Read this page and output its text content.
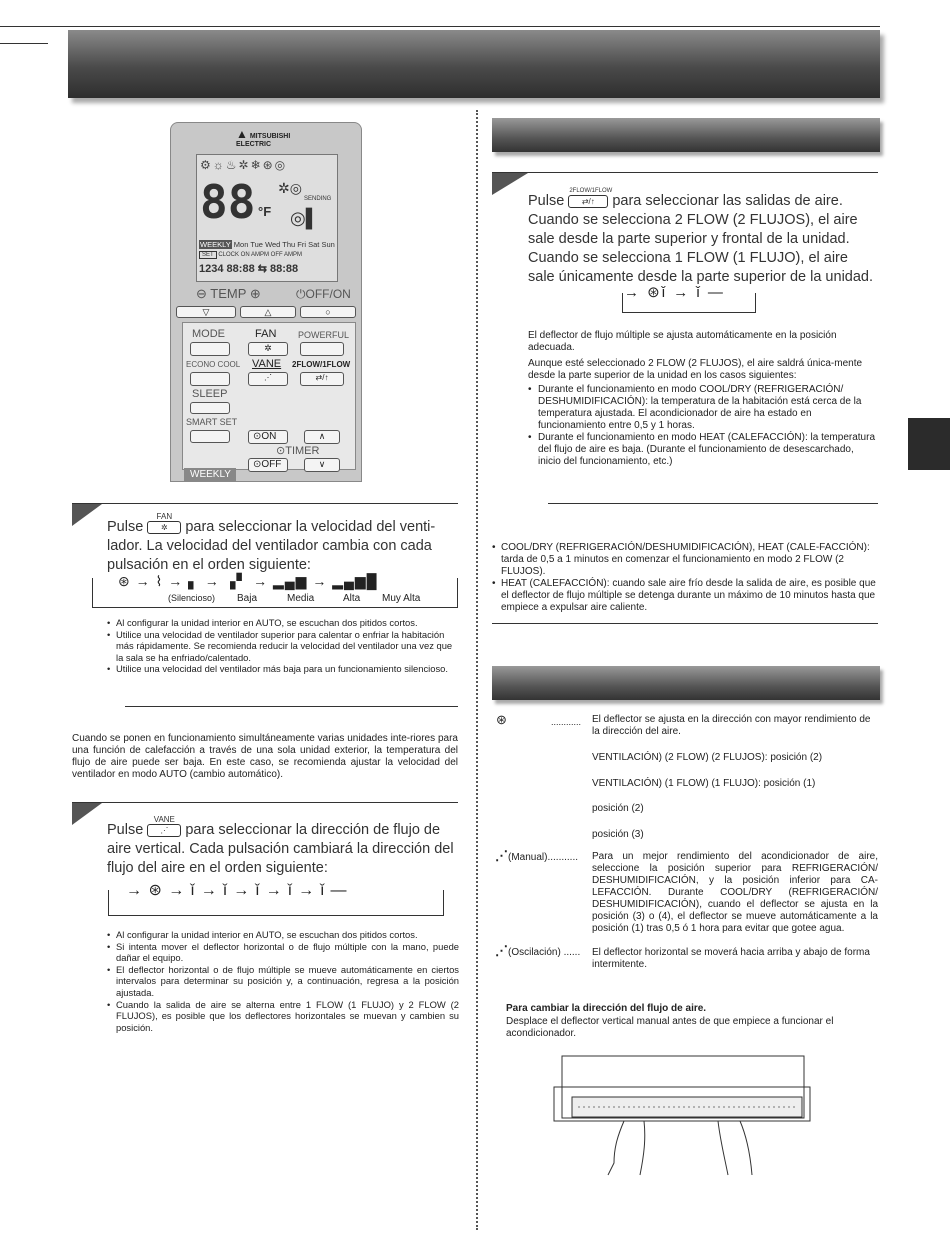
▲ MITSUBISHI ELECTRIC
⚙☼♨✲❄⊛◎
88 °F
✲◎
SENDING
◎▌
WEEKLY Mon Tue Wed Thu Fri Sat Sun
SET CLOCK ON AMPM OFF AMPM
1234 88:88 ⇆ 88:88
⊖ TEMP ⊕	⏻OFF/ON
▽	△	○
MODE	FAN
✲
POWERFUL
ECONO COOL VANE
⋰
2FLOW/1FLOW
⇄/↑
SLEEP
SMART SET
⊙ON	∧
⊙TIMER
⊙OFF	∨
WEEKLY
Pulse
FAN
✲ para seleccionar la velocidad del venti-lador. La velocidad del ventilador cambia con cada pulsación en el orden siguiente:
⊛ → ⌇ → ▖ → ▗▘ → ▂▄▆ → ▂▄▆█
(Silencioso) Baja	Media	Alta Muy Alta
• Al configurar la unidad interior en AUTO, se escuchan dos pitidos cortos.
• Utilice una velocidad de ventilador superior para calentar o enfriar la habitación más rápidamente. Se recomienda reducir la velocidad del ventilador una vez que la sala se ha enfriado/calentado.
• Utilice una velocidad del ventilador más baja para un funcionamiento silencioso.
Cuando se ponen en funcionamiento simultáneamente varias unidades inte-riores para una función de calefacción a través de una sola unidad exterior, la temperatura del flujo de aire puede ser baja. En este caso, se recomienda ajustar la velocidad del ventilador en modo AUTO (cambio automático).
Pulse
VANE
⋰ para seleccionar la dirección de flujo de aire vertical. Cada pulsación cambiará la dirección del flujo del aire en el orden siguiente:
→ ⊛ → ǐ → ǐ → ǐ → ǐ → ǐ —
• Al configurar la unidad interior en AUTO, se escuchan dos pitidos cortos.
• Si intenta mover el deflector horizontal o de flujo múltiple con la mano, puede dañar el equipo.
• El deflector horizontal o de flujo múltiple se mueve automáticamente en ciertos intervalos para determinar su posición y, a continuación, regresa a la posición ajustada.
• Cuando la salida de aire se alterna entre 1 FLOW (1 FLUJO) y 2 FLOW (2 FLUJOS), es posible que los deflectores horizontales se muevan y cambien su posición.
Pulse
2FLOW/1FLOW
⇄/↑ para seleccionar las salidas de aire. Cuando se selecciona 2 FLOW (2 FLUJOS), el aire sale desde la parte superior y frontal de la unidad. Cuando se selecciona 1 FLOW (1 FLUJO), el aire sale únicamente desde la parte superior de la unidad.
→ ⊛ǐ → ǐ —
El deflector de flujo múltiple se ajusta automáticamente en la posición adecuada.
Aunque esté seleccionado 2 FLOW (2 FLUJOS), el aire saldrá única-mente desde la parte superior de la unidad en los casos siguientes:
• Durante el funcionamiento en modo COOL/DRY (REFRIGERACIÓN/ DESHUMIDIFICACIÓN): la temperatura de la habitación está cerca de la temperatura ajustada. El acondicionador de aire ha estado en funcionamiento entre 0,5 y 1 horas.
• Durante el funcionamiento en modo HEAT (CALEFACCIÓN): la temperatura del flujo de aire es baja. (Durante el funcionamiento de desescarchado, inicio del funcionamiento, etc.)
• COOL/DRY (REFRIGERACIÓN/DESHUMIDIFICACIÓN), HEAT (CALE-FACCIÓN): tarda de 0,5 a 1 minutos en comenzar el funcionamiento en modo 2 FLOW (2 FLUJOS).
• HEAT (CALEFACCIÓN): cuando sale aire frío desde la salida de aire, es posible que el deflector de flujo múltiple se detenga durante un máximo de 10 minutos hasta que empiece a expulsar aire caliente.
⊛	............ El deflector se ajusta en la dirección con mayor rendimiento de la dirección del aire.
VENTILACIÓN) (2 FLOW) (2 FLUJOS): posición (2)
VENTILACIÓN) (1 FLOW) (1 FLUJO): posición (1)
posición (2)
posición (3)
⋰(Manual)........... Para un mejor rendimiento del acondicionador de aire, seleccione la posición superior para REFRIGERACIÓN/ DESHUMIDIFICACIÓN, y la posición inferior para CA-LEFACCIÓN. Durante COOL/DRY (REFRIGERACIÓN/ DESHUMIDIFICACIÓN), cuando el deflector se ajusta en la posición (3) o (4), el deflector se mueve automáticamente a la posición (1) tras 0,5 ó 1 hora para evitar que gotee agua.
⋰(Oscilación) ...... El deflector horizontal se moverá hacia arriba y abajo de forma intermitente.
Para cambiar la dirección del flujo de aire.
Desplace el deflector vertical manual antes de que empiece a funcionar el acondicionador.
